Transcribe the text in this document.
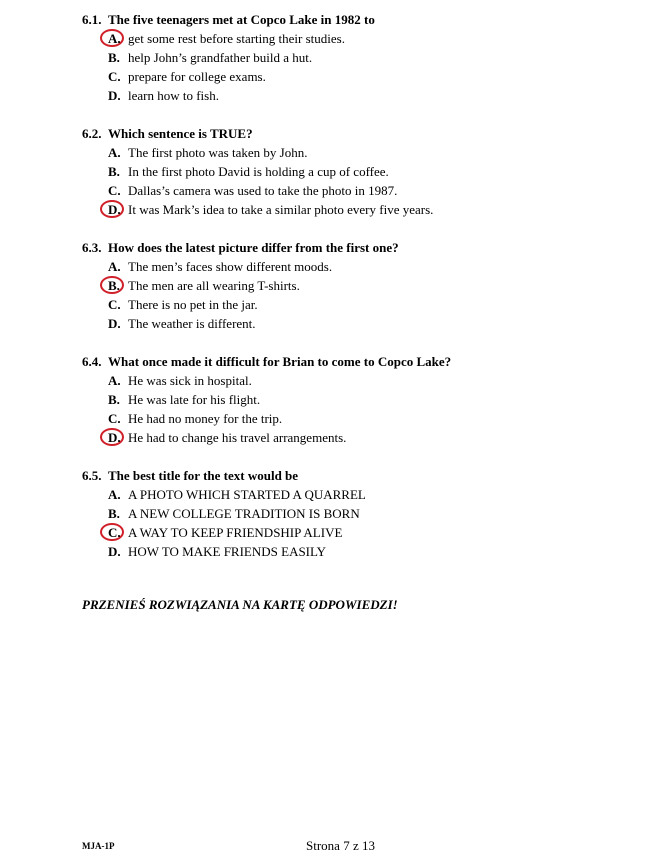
6.1. The five teenagers met at Copco Lake in 1982 to
A. get some rest before starting their studies.
B. help John’s grandfather build a hut.
C. prepare for college exams.
D. learn how to fish.
6.2. Which sentence is TRUE?
A. The first photo was taken by John.
B. In the first photo David is holding a cup of coffee.
C. Dallas’s camera was used to take the photo in 1987.
D. It was Mark’s idea to take a similar photo every five years.
6.3. How does the latest picture differ from the first one?
A. The men’s faces show different moods.
B. The men are all wearing T-shirts.
C. There is no pet in the jar.
D. The weather is different.
6.4. What once made it difficult for Brian to come to Copco Lake?
A. He was sick in hospital.
B. He was late for his flight.
C. He had no money for the trip.
D. He had to change his travel arrangements.
6.5. The best title for the text would be
A. A PHOTO WHICH STARTED A QUARREL
B. A NEW COLLEGE TRADITION IS BORN
C. A WAY TO KEEP FRIENDSHIP ALIVE
D. HOW TO MAKE FRIENDS EASILY
PRZENIEŚ ROZWIĄZANIA NA KARTĘ ODPOWIEDZI!
MJA-1P	Strona 7 z 13
